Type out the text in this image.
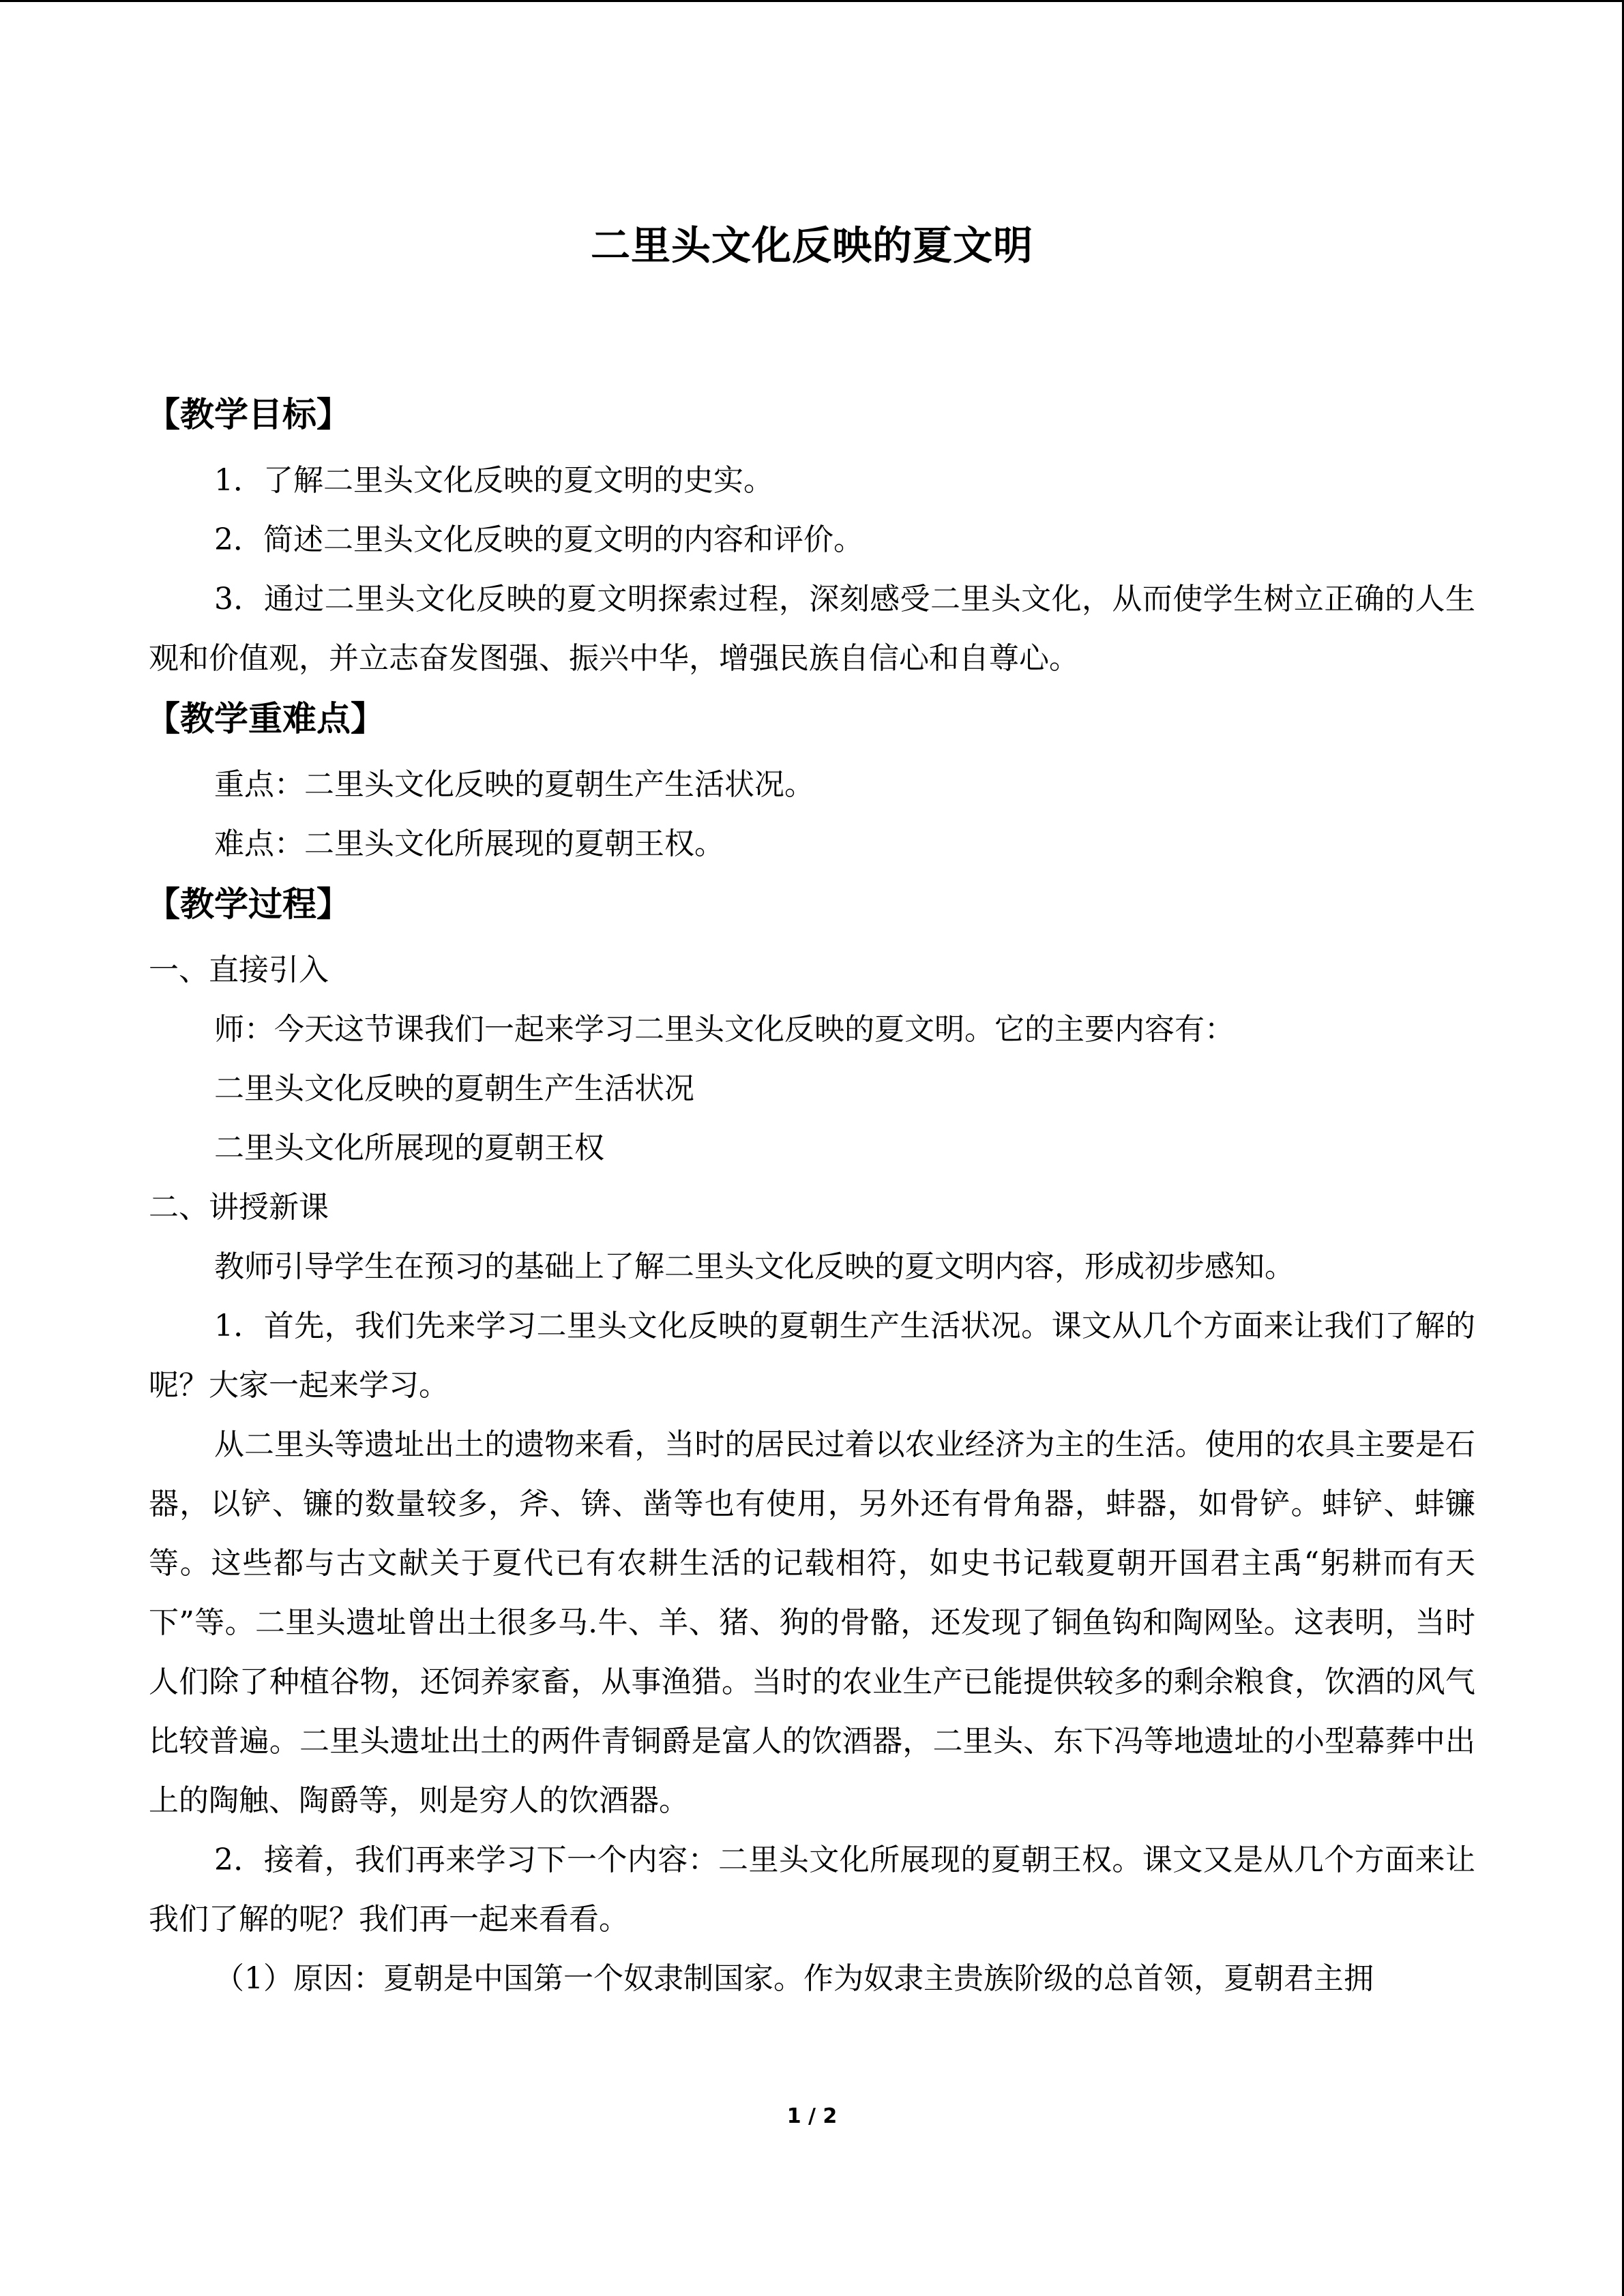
二里头文化反映的夏文明
【教学目标】

1．了解二里头文化反映的夏文明的史实。

2．简述二里头文化反映的夏文明的内容和评价。

3．通过二里头文化反映的夏文明探索过程，深刻感受二里头文化，从而使学生树立正确的人生观和价值观，并立志奋发图强、振兴中华，增强民族自信心和自尊心。

【教学重难点】

重点：二里头文化反映的夏朝生产生活状况。

难点：二里头文化所展现的夏朝王权。

【教学过程】

一、直接引入

师：今天这节课我们一起来学习二里头文化反映的夏文明。它的主要内容有：

二里头文化反映的夏朝生产生活状况

二里头文化所展现的夏朝王权

二、讲授新课

教师引导学生在预习的基础上了解二里头文化反映的夏文明内容，形成初步感知。

1．首先，我们先来学习二里头文化反映的夏朝生产生活状况。课文从几个方面来让我们了解的呢？大家一起来学习。

从二里头等遗址出土的遗物来看，当时的居民过着以农业经济为主的生活。使用的农具主要是石器，以铲、镰的数量较多，斧、锛、凿等也有使用，另外还有骨角器，蚌器，如骨铲。蚌铲、蚌镰等。这些都与古文献关于夏代已有农耕生活的记载相符，如史书记载夏朝开国君主禹“躬耕而有天下”等。二里头遗址曾出土很多马.牛、羊、猪、狗的骨骼，还发现了铜鱼钩和陶网坠。这表明，当时人们除了种植谷物，还饲养家畜，从事渔猎。当时的农业生产已能提供较多的剩余粮食，饮酒的风气比较普遍。二里头遗址出土的两件青铜爵是富人的饮酒器，二里头、东下冯等地遗址的小型幕葬中出上的陶触、陶爵等，则是穷人的饮酒器。

2．接着，我们再来学习下一个内容：二里头文化所展现的夏朝王权。课文又是从几个方面来让我们了解的呢？我们再一起来看看。

（1）原因：夏朝是中国第一个奴隶制国家。作为奴隶主贵族阶级的总首领，夏朝君主拥

1 / 2
